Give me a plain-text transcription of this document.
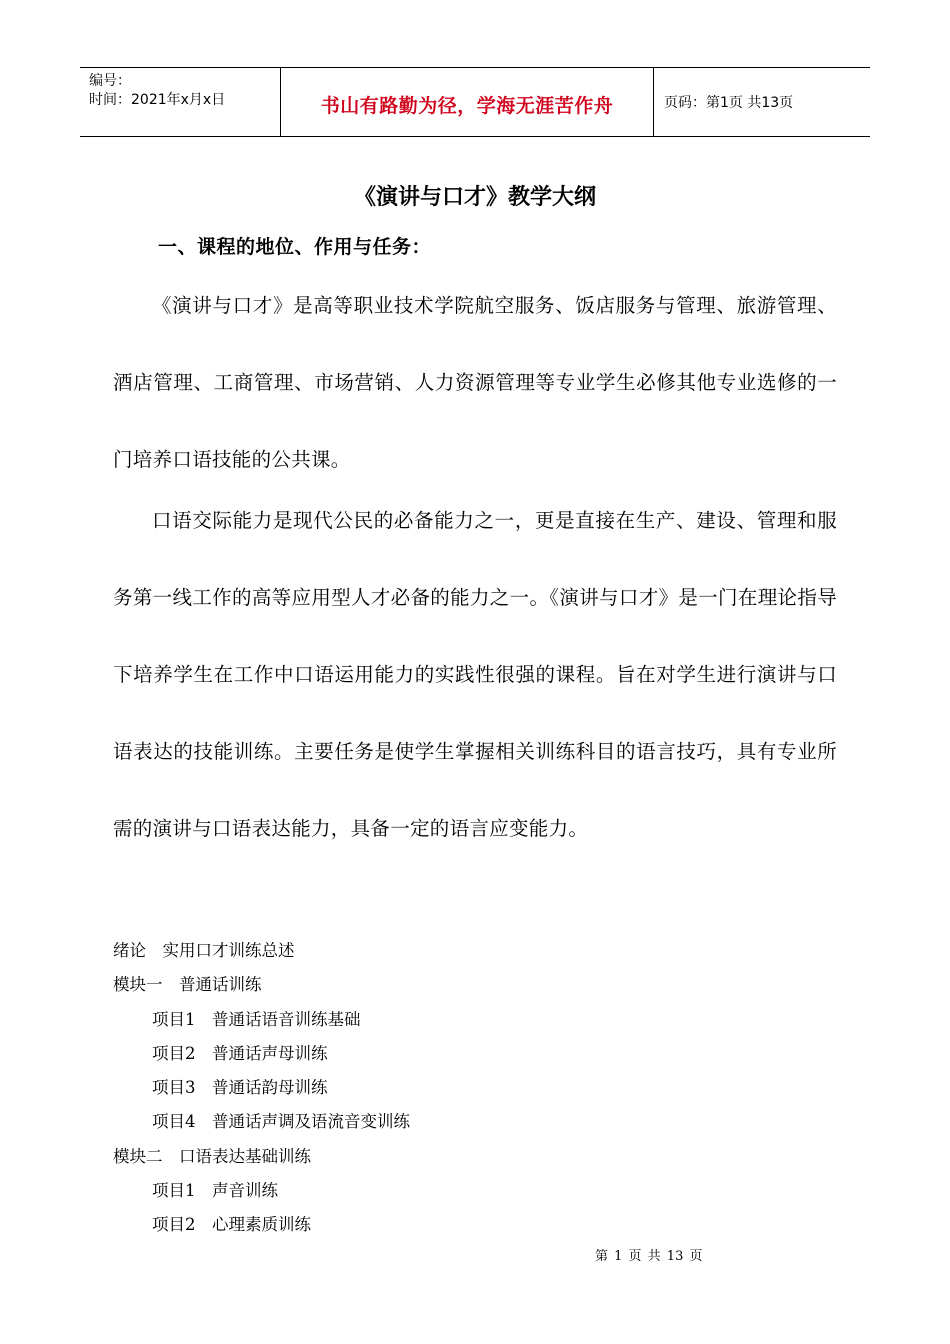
编号：
时间：2021年x月x日	书山有路勤为径，学海无涯苦作舟	页码：第1页 共13页
《演讲与口才》教学大纲
一、课程的地位、作用与任务：

《演讲与口才》是高等职业技术学院航空服务、饭店服务与管理、旅游管理、酒店管理、工商管理、市场营销、人力资源管理等专业学生必修其他专业选修的一门培养口语技能的公共课。

口语交际能力是现代公民的必备能力之一，更是直接在生产、建设、管理和服务第一线工作的高等应用型人才必备的能力之一。《演讲与口才》是一门在理论指导下培养学生在工作中口语运用能力的实践性很强的课程。旨在对学生进行演讲与口语表达的技能训练。主要任务是使学生掌握相关训练科目的语言技巧，具有专业所需的演讲与口语表达能力，具备一定的语言应变能力。

绪论　实用口才训练总述
模块一　普通话训练
项目1　普通话语音训练基础
项目2　普通话声母训练
项目3　普通话韵母训练
项目4　普通话声调及语流音变训练
模块二　口语表达基础训练
项目1　声音训练
项目2　心理素质训练
第 1 页 共 13 页
